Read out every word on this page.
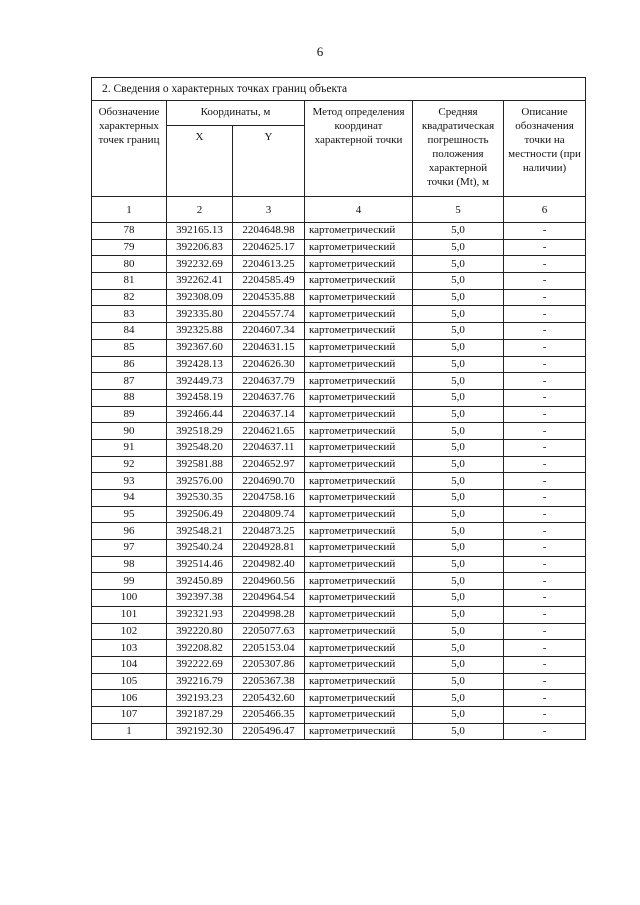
6
2. Сведения о характерных точках границ объекта					
Обозначение характерных точек границ	Координаты, м		Метод определения координат характерной точки	Средняя квадратическая погрешность положения характерной точки (Mt), м	Описание обозначения точки на местности (при наличии)
	X	Y			
1	2	3	4	5	6
78	392165.13	2204648.98	картометрический	5,0	-
79	392206.83	2204625.17	картометрический	5,0	-
80	392232.69	2204613.25	картометрический	5,0	-
81	392262.41	2204585.49	картометрический	5,0	-
82	392308.09	2204535.88	картометрический	5,0	-
83	392335.80	2204557.74	картометрический	5,0	-
84	392325.88	2204607.34	картометрический	5,0	-
85	392367.60	2204631.15	картометрический	5,0	-
86	392428.13	2204626.30	картометрический	5,0	-
87	392449.73	2204637.79	картометрический	5,0	-
88	392458.19	2204637.76	картометрический	5,0	-
89	392466.44	2204637.14	картометрический	5,0	-
90	392518.29	2204621.65	картометрический	5,0	-
91	392548.20	2204637.11	картометрический	5,0	-
92	392581.88	2204652.97	картометрический	5,0	-
93	392576.00	2204690.70	картометрический	5,0	-
94	392530.35	2204758.16	картометрический	5,0	-
95	392506.49	2204809.74	картометрический	5,0	-
96	392548.21	2204873.25	картометрический	5,0	-
97	392540.24	2204928.81	картометрический	5,0	-
98	392514.46	2204982.40	картометрический	5,0	-
99	392450.89	2204960.56	картометрический	5,0	-
100	392397.38	2204964.54	картометрический	5,0	-
101	392321.93	2204998.28	картометрический	5,0	-
102	392220.80	2205077.63	картометрический	5,0	-
103	392208.82	2205153.04	картометрический	5,0	-
104	392222.69	2205307.86	картометрический	5,0	-
105	392216.79	2205367.38	картометрический	5,0	-
106	392193.23	2205432.60	картометрический	5,0	-
107	392187.29	2205466.35	картометрический	5,0	-
1	392192.30	2205496.47	картометрический	5,0	-
